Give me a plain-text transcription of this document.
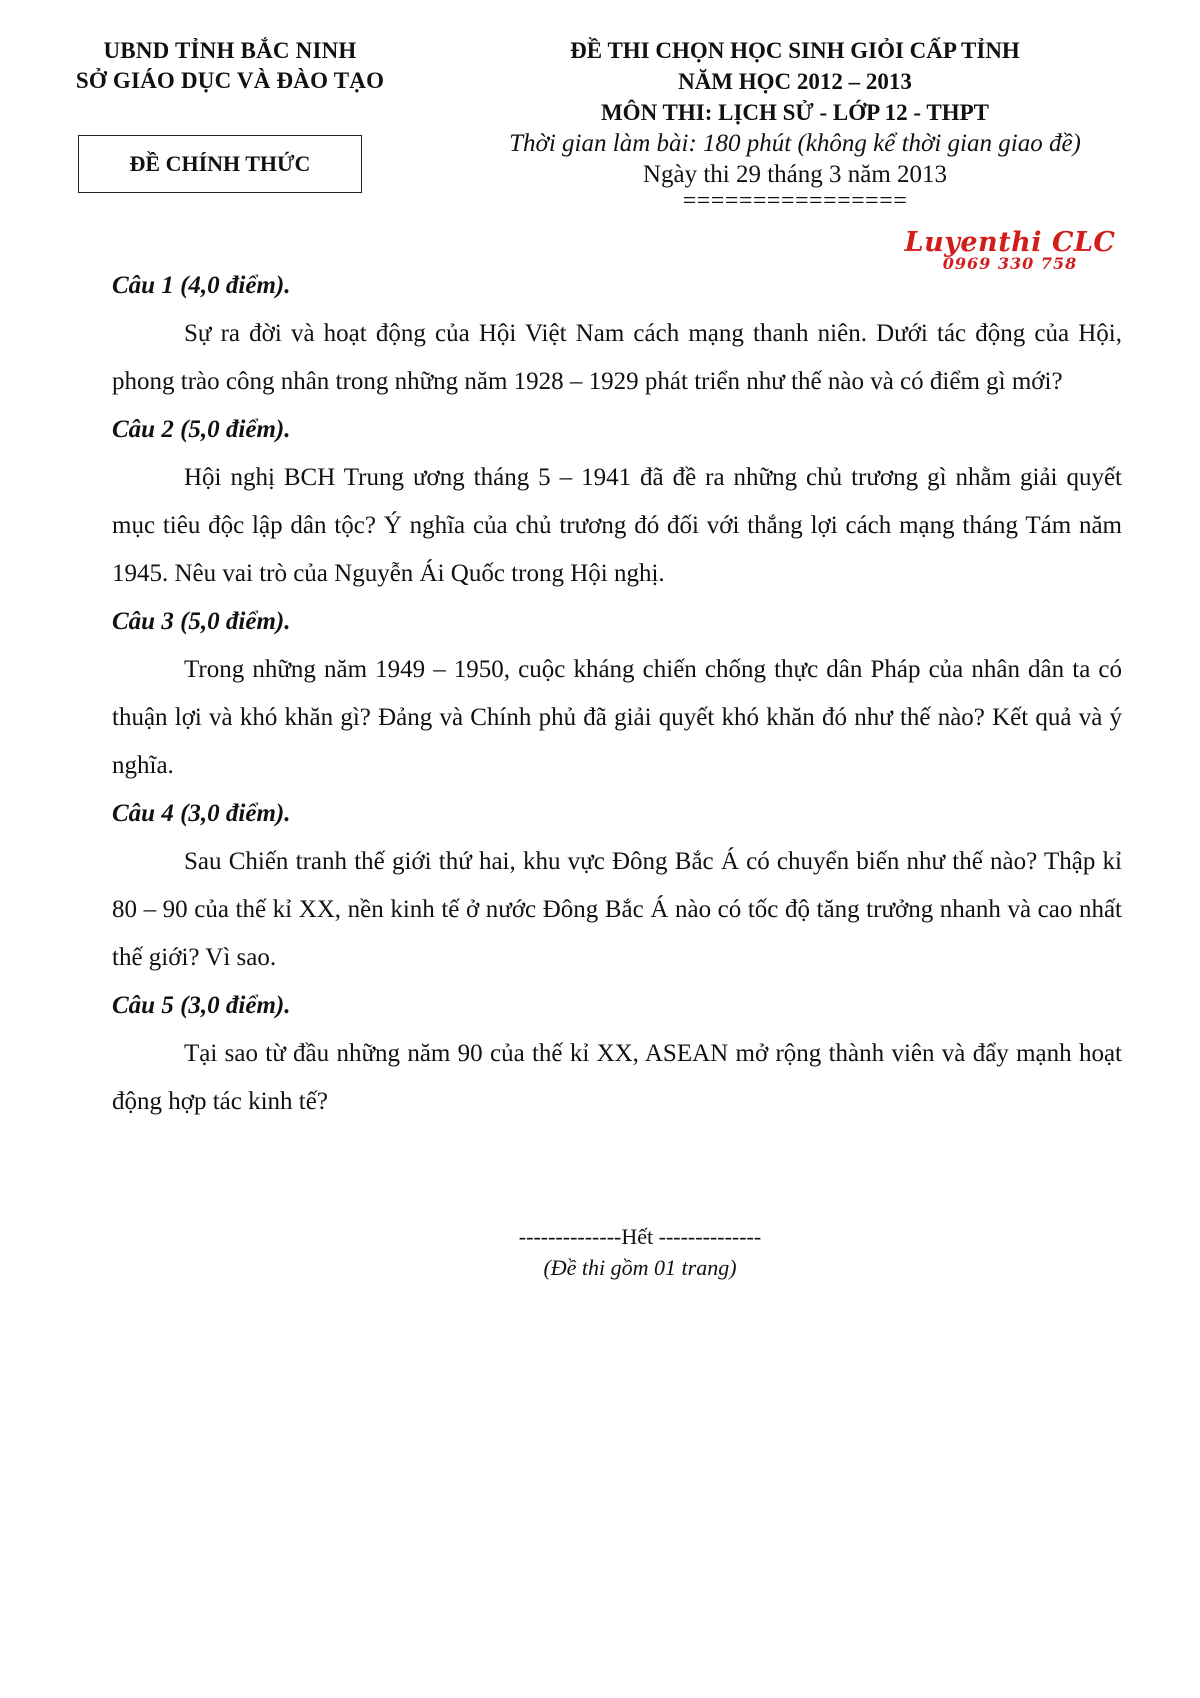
UBND TỈNH BẮC NINH
SỞ GIÁO DỤC VÀ ĐÀO TẠO
ĐỀ CHÍNH THỨC
ĐỀ THI CHỌN HỌC SINH GIỎI CẤP TỈNH
NĂM HỌC 2012 – 2013
MÔN THI: LỊCH SỬ - LỚP 12 - THPT
Thời gian làm bài: 180 phút (không kể thời gian giao đề)
Ngày thi 29 tháng 3 năm 2013
================
Luyenthi CLC
0969 330 758
Câu 1 (4,0 điểm).
Sự ra đời và hoạt động của Hội Việt Nam cách mạng thanh niên. Dưới tác động của Hội, phong trào công nhân trong những năm 1928 – 1929 phát triển như thế nào và có điểm gì mới?
Câu 2 (5,0 điểm).
Hội nghị BCH Trung ương tháng 5 – 1941 đã đề ra những chủ trương gì nhằm giải quyết mục tiêu độc lập dân tộc? Ý nghĩa của chủ trương đó đối với thắng lợi cách mạng tháng Tám năm 1945. Nêu vai trò của Nguyễn Ái Quốc trong Hội nghị.
Câu 3 (5,0 điểm).
Trong những năm 1949 – 1950, cuộc kháng chiến chống thực dân Pháp của nhân dân ta có thuận lợi và khó khăn gì? Đảng và Chính phủ đã giải quyết khó khăn đó như thế nào? Kết quả và ý nghĩa.
Câu 4 (3,0 điểm).
Sau Chiến tranh thế giới thứ hai, khu vực Đông Bắc Á có chuyển biến như thế nào? Thập kỉ 80 – 90 của thế kỉ XX, nền kinh tế ở nước Đông Bắc Á nào có tốc độ tăng trưởng nhanh và cao nhất thế giới? Vì sao.
Câu 5 (3,0 điểm).
Tại sao từ đầu những năm 90 của thế kỉ XX, ASEAN mở rộng thành viên và đẩy mạnh hoạt động hợp tác kinh tế?
--------------Hết --------------
(Đề thi gồm 01 trang)
